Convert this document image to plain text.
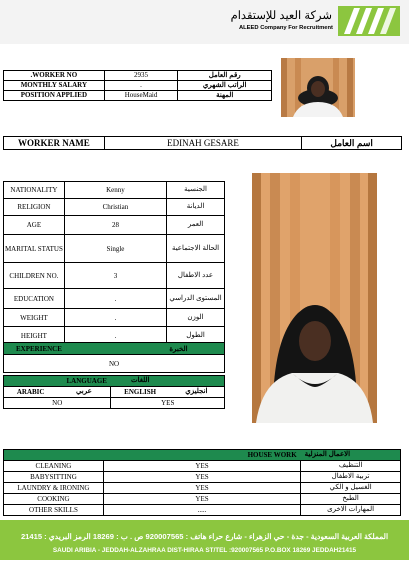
شركة العيد للإستقدام
ALEED Company For Recruitment
.WORKER NO	2935	رقم العامل
MONTHLY SALARY	.	الراتب الشهري
POSITION APPLIED	HouseMaid	المهنة
WORKER NAME	EDINAH GESARE	اسم العامل
NATIONALITY	Kenny	الجنسية
RELIGION	Christian	الديانة
AGE	28	العمر
MARITAL STATUS	Single	الحالة الاجتماعية
CHILDREN NO.	3	عدد الاطفال
EDUCATION	.	المستوى الدراسي
WEIGHT	.	الوزن
HEIGHT	.	الطول
EXPERIENCE	الخبرة
NO
LANGUAGE		اللغات	
ARABIC	عربي	ENGLISH	انجليزي
NO		YES	
HOUSE WORK		الاعمال المنزلية
CLEANING	YES	التنظيف
BABYSITTING	YES	تربية الاطفال
LAUNDRY & IRONING	YES	الغسيل و الكي
COOKING	YES	الطبخ
OTHER SKILLS	.....	المهارات الاخرى
المملكة العربية السعودية - جدة - حي الزهراء - شارع حراء هاتف : 920007565 ص . ب : 18269 الرمز البريدي : 21415
SAUDI ARIBIA - JEDDAH-ALZAHRAA DIST-HIRAA ST/TEL :920007565 P.O.BOX 18269 JEDDAH21415
